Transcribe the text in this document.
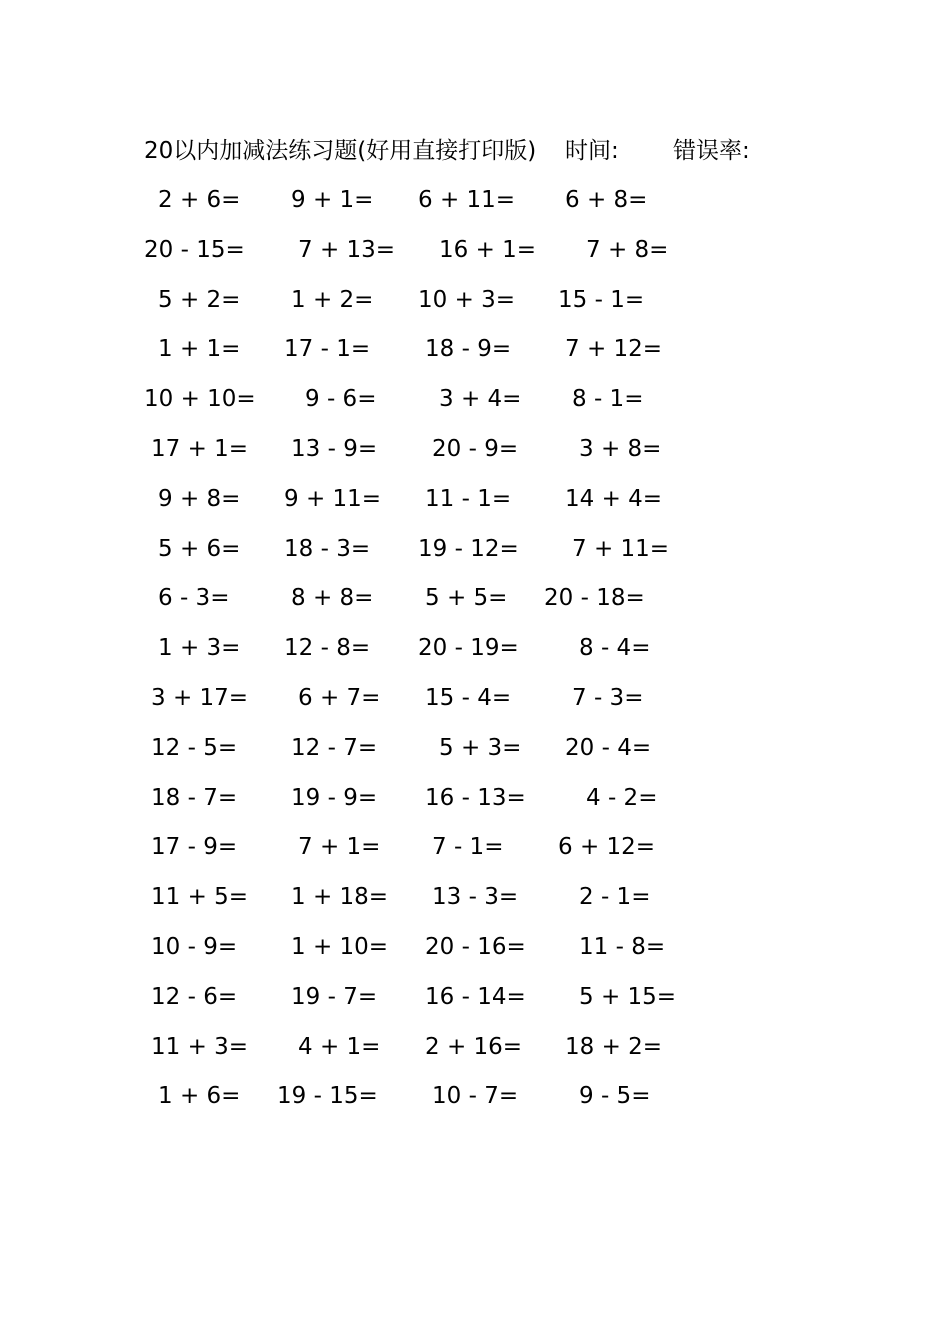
20以内加减法练习题(好用直接打印版) 时间: 错误率:
2 + 6= 9 + 1= 6 + 11= 6 + 8=
20 - 15= 7 + 13= 16 + 1= 7 + 8=
5 + 2= 1 + 2= 10 + 3= 15 - 1=
1 + 1= 17 - 1= 18 - 9= 7 + 12=
10 + 10= 9 - 6=	3 + 4= 8 - 1=
17 + 1= 13 - 9= 20 - 9=	3 + 8=
9 + 8= 9 + 11= 11 - 1= 14 + 4=
5 + 6= 18 - 3= 19 - 12= 7 + 11=
6 - 3=	8 + 8= 5 + 5= 20 - 18=
1 + 3= 12 - 8= 20 - 19=	8 - 4=
3 + 17= 6 + 7= 15 - 4=	7 - 3=
12 - 5= 12 - 7=	5 + 3= 20 - 4=
18 - 7= 19 - 9= 16 - 13=	4 - 2=
17 - 9=	7 + 1= 7 - 1= 6 + 12=
11 + 5= 1 + 18= 13 - 3=	2 - 1=
10 - 9= 1 + 10= 20 - 16= 11 - 8=
12 - 6= 19 - 7= 16 - 14= 5 + 15=
11 + 3= 4 + 1= 2 + 16= 18 + 2=
1 + 6= 19 - 15= 10 - 7=	9 - 5=
